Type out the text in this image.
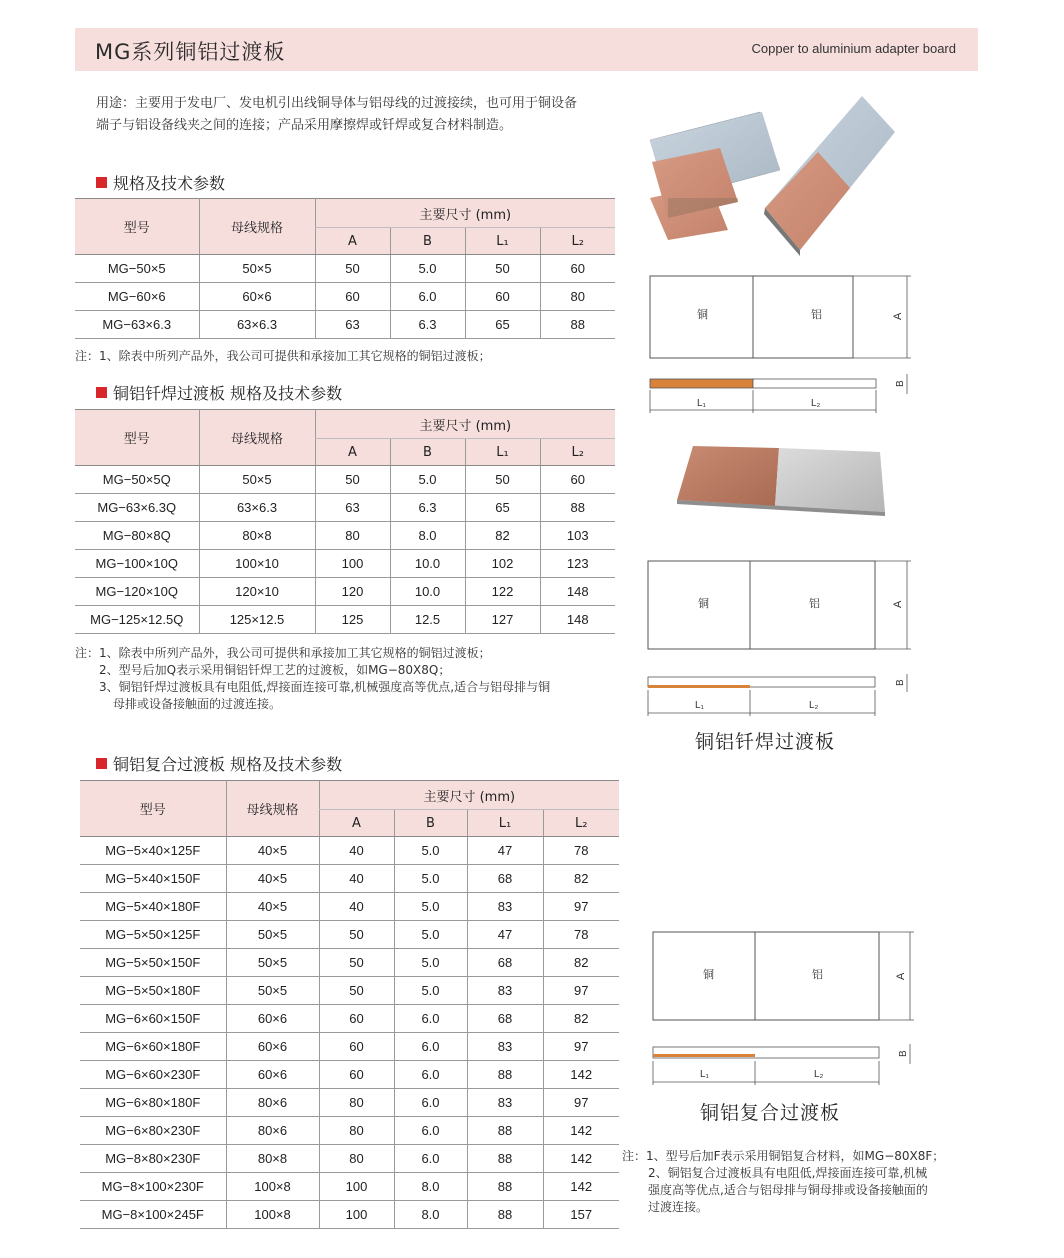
MG系列铜铝过渡板	Copper to aluminium adapter board
用途：主要用于发电厂、发电机引出线铜导体与铝母线的过渡接续，也可用于铜设备
端子与铝设备线夹之间的连接；产品采用摩擦焊或钎焊或复合材料制造。
规格及技术参数
型号	母线规格	主要尺寸 (mm)			
		A	B	L₁	L₂
MG−50×5	50×5	50	5.0	50	60
MG−60×6	60×6	60	6.0	60	80
MG−63×6.3	63×6.3	63	6.3	65	88
注：1、除表中所列产品外，我公司可提供和承接加工其它规格的铜铝过渡板；
铜铝钎焊过渡板 规格及技术参数
型号	母线规格	主要尺寸 (mm)			
		A	B	L₁	L₂
MG−50×5Q	50×5	50	5.0	50	60
MG−63×6.3Q	63×6.3	63	6.3	65	88
MG−80×8Q	80×8	80	8.0	82	103
MG−100×10Q	100×10	100	10.0	102	123
MG−120×10Q	120×10	120	10.0	122	148
MG−125×12.5Q	125×12.5	125	12.5	127	148
注：1、除表中所列产品外，我公司可提供和承接加工其它规格的铜铝过渡板；
2、型号后加Q表示采用铜铝钎焊工艺的过渡板，如MG−80X8Q；
3、铜铝钎焊过渡板具有电阻低,焊接面连接可靠,机械强度高等优点,适合与铝母排与铜
母排或设备接触面的过渡连接。
铜铝复合过渡板 规格及技术参数
型号	母线规格	主要尺寸 (mm)			
		A	B	L₁	L₂
MG−5×40×125F	40×5	40	5.0	47	78
MG−5×40×150F	40×5	40	5.0	68	82
MG−5×40×180F	40×5	40	5.0	83	97
MG−5×50×125F	50×5	50	5.0	47	78
MG−5×50×150F	50×5	50	5.0	68	82
MG−5×50×180F	50×5	50	5.0	83	97
MG−6×60×150F	60×6	60	6.0	68	82
MG−6×60×180F	60×6	60	6.0	83	97
MG−6×60×230F	60×6	60	6.0	88	142
MG−6×80×180F	80×6	80	6.0	83	97
MG−6×80×230F	80×6	80	6.0	88	142
MG−8×80×230F	80×8	80	6.0	88	142
MG−8×100×230F	100×8	100	8.0	88	142
MG−8×100×245F	100×8	100	8.0	88	157
注：1、型号后加F表示采用铜铝复合材料，如MG−80X8F；
2、铜铝复合过渡板具有电阻低,焊接面连接可靠,机械
强度高等优点,适合与铝母排与铜母排或设备接触面的
过渡连接。
铜	铝	A
B
L₁	L₂
铜	铝	A
B
L₁	L₂
铜铝钎焊过渡板
铜	铝	A
B
L₁	L₂
铜铝复合过渡板
